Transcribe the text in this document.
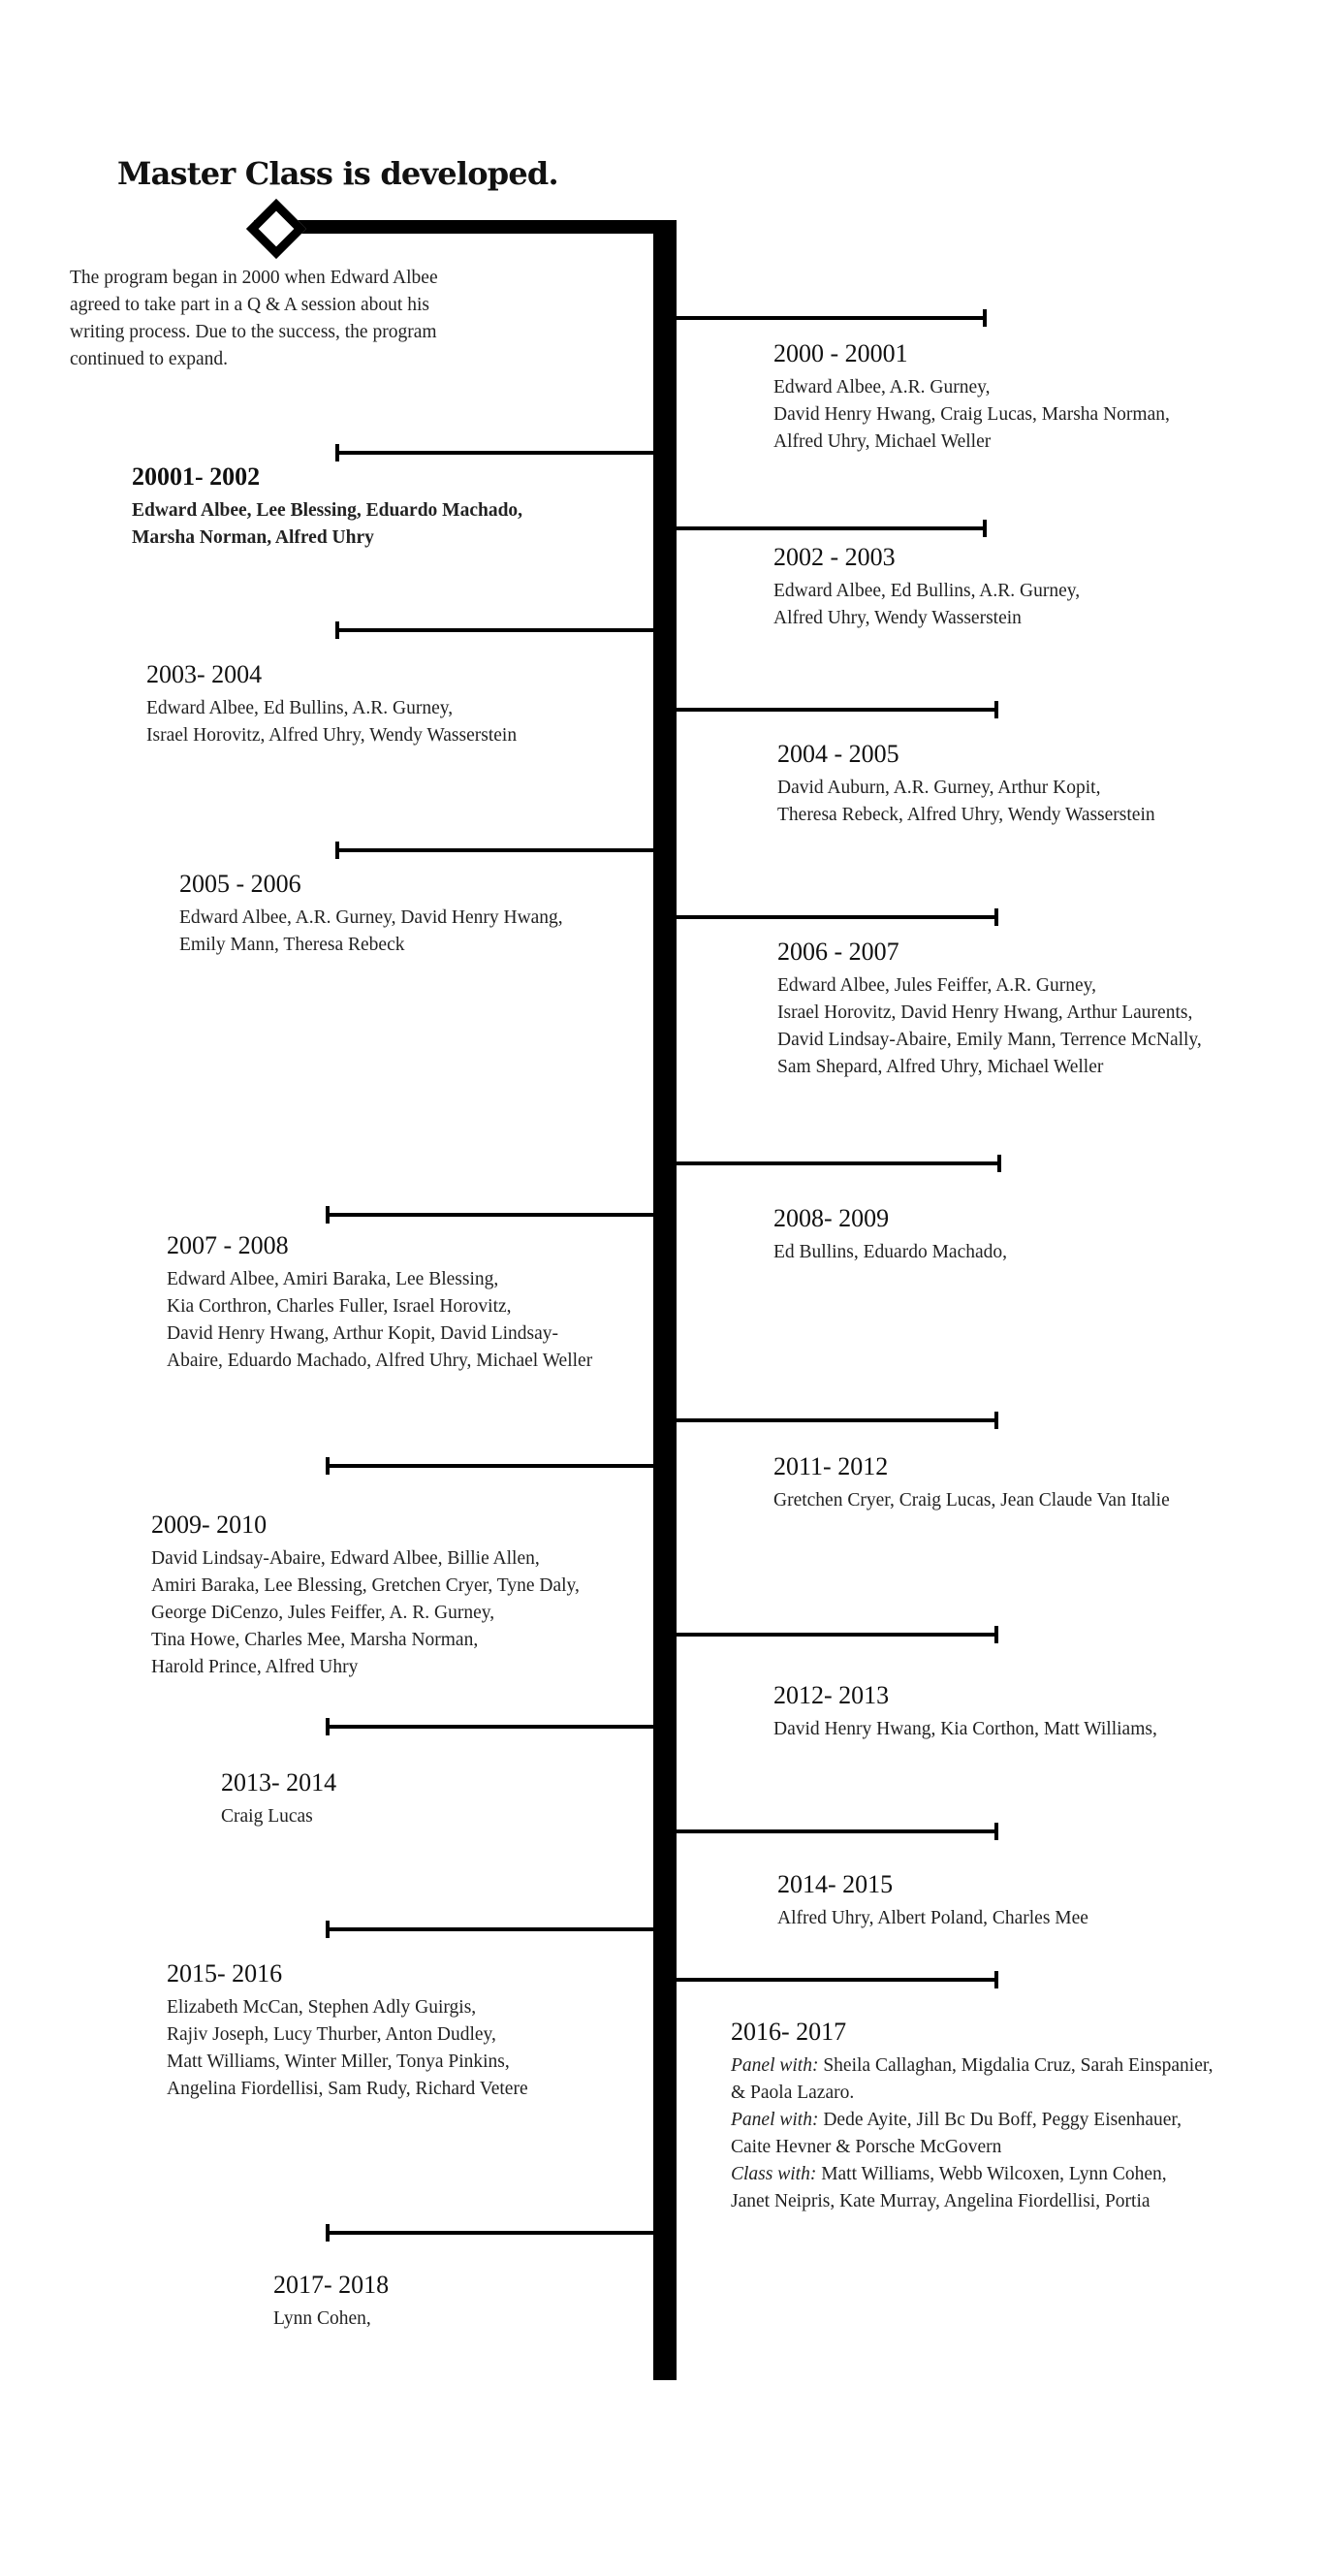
Master Class is developed.
The program began in 2000 when Edward Albee
agreed to take part in a Q & A session about his
writing process. Due to the success, the program
continued to expand.	2000 - 20001
Edward Albee, A.R. Gurney,
David Henry Hwang, Craig Lucas, Marsha Norman,
Alfred Uhry, Michael Weller
2002 - 2003
Edward Albee, Ed Bullins, A.R. Gurney,
Alfred Uhry, Wendy Wasserstein
2004 - 2005
David Auburn, A.R. Gurney, Arthur Kopit,
Theresa Rebeck, Alfred Uhry, Wendy Wasserstein
2006 - 2007
Edward Albee, Jules Feiffer, A.R. Gurney,
Israel Horovitz, David Henry Hwang, Arthur Laurents,
David Lindsay-Abaire, Emily Mann, Terrence McNally,
Sam Shepard, Alfred Uhry, Michael Weller
2008- 2009
Ed Bullins, Eduardo Machado,
2011- 2012
Gretchen Cryer, Craig Lucas, Jean Claude Van Italie
2012- 2013
David Henry Hwang, Kia Corthon, Matt Williams,
2014- 2015
Alfred Uhry, Albert Poland, Charles Mee
2016- 2017
Panel with: Sheila Callaghan, Migdalia Cruz, Sarah Einspanier,
& Paola Lazaro.
Panel with: Dede Ayite, Jill Bc Du Boff, Peggy Eisenhauer,
Caite Hevner & Porsche McGovern
Class with: Matt Williams, Webb Wilcoxen, Lynn Cohen,
Janet Neipris, Kate Murray, Angelina Fiordellisi, Portia
20001- 2002
Edward Albee, Lee Blessing, Eduardo Machado,
Marsha Norman, Alfred Uhry
2003- 2004
Edward Albee, Ed Bullins, A.R. Gurney,
Israel Horovitz, Alfred Uhry, Wendy Wasserstein
2005 - 2006
Edward Albee, A.R. Gurney, David Henry Hwang,
Emily Mann, Theresa Rebeck
2007 - 2008
Edward Albee, Amiri Baraka, Lee Blessing,
Kia Corthron, Charles Fuller, Israel Horovitz,
David Henry Hwang, Arthur Kopit, David Lindsay-
Abaire, Eduardo Machado, Alfred Uhry, Michael Weller
2009- 2010
David Lindsay-Abaire, Edward Albee, Billie Allen,
Amiri Baraka, Lee Blessing, Gretchen Cryer, Tyne Daly,
George DiCenzo, Jules Feiffer, A. R. Gurney,
Tina Howe, Charles Mee, Marsha Norman,
Harold Prince, Alfred Uhry
2013- 2014
Craig Lucas
2015- 2016
Elizabeth McCan, Stephen Adly Guirgis,
Rajiv Joseph, Lucy Thurber, Anton Dudley,
Matt Williams, Winter Miller, Tonya Pinkins,
Angelina Fiordellisi, Sam Rudy, Richard Vetere
2017- 2018
Lynn Cohen,
